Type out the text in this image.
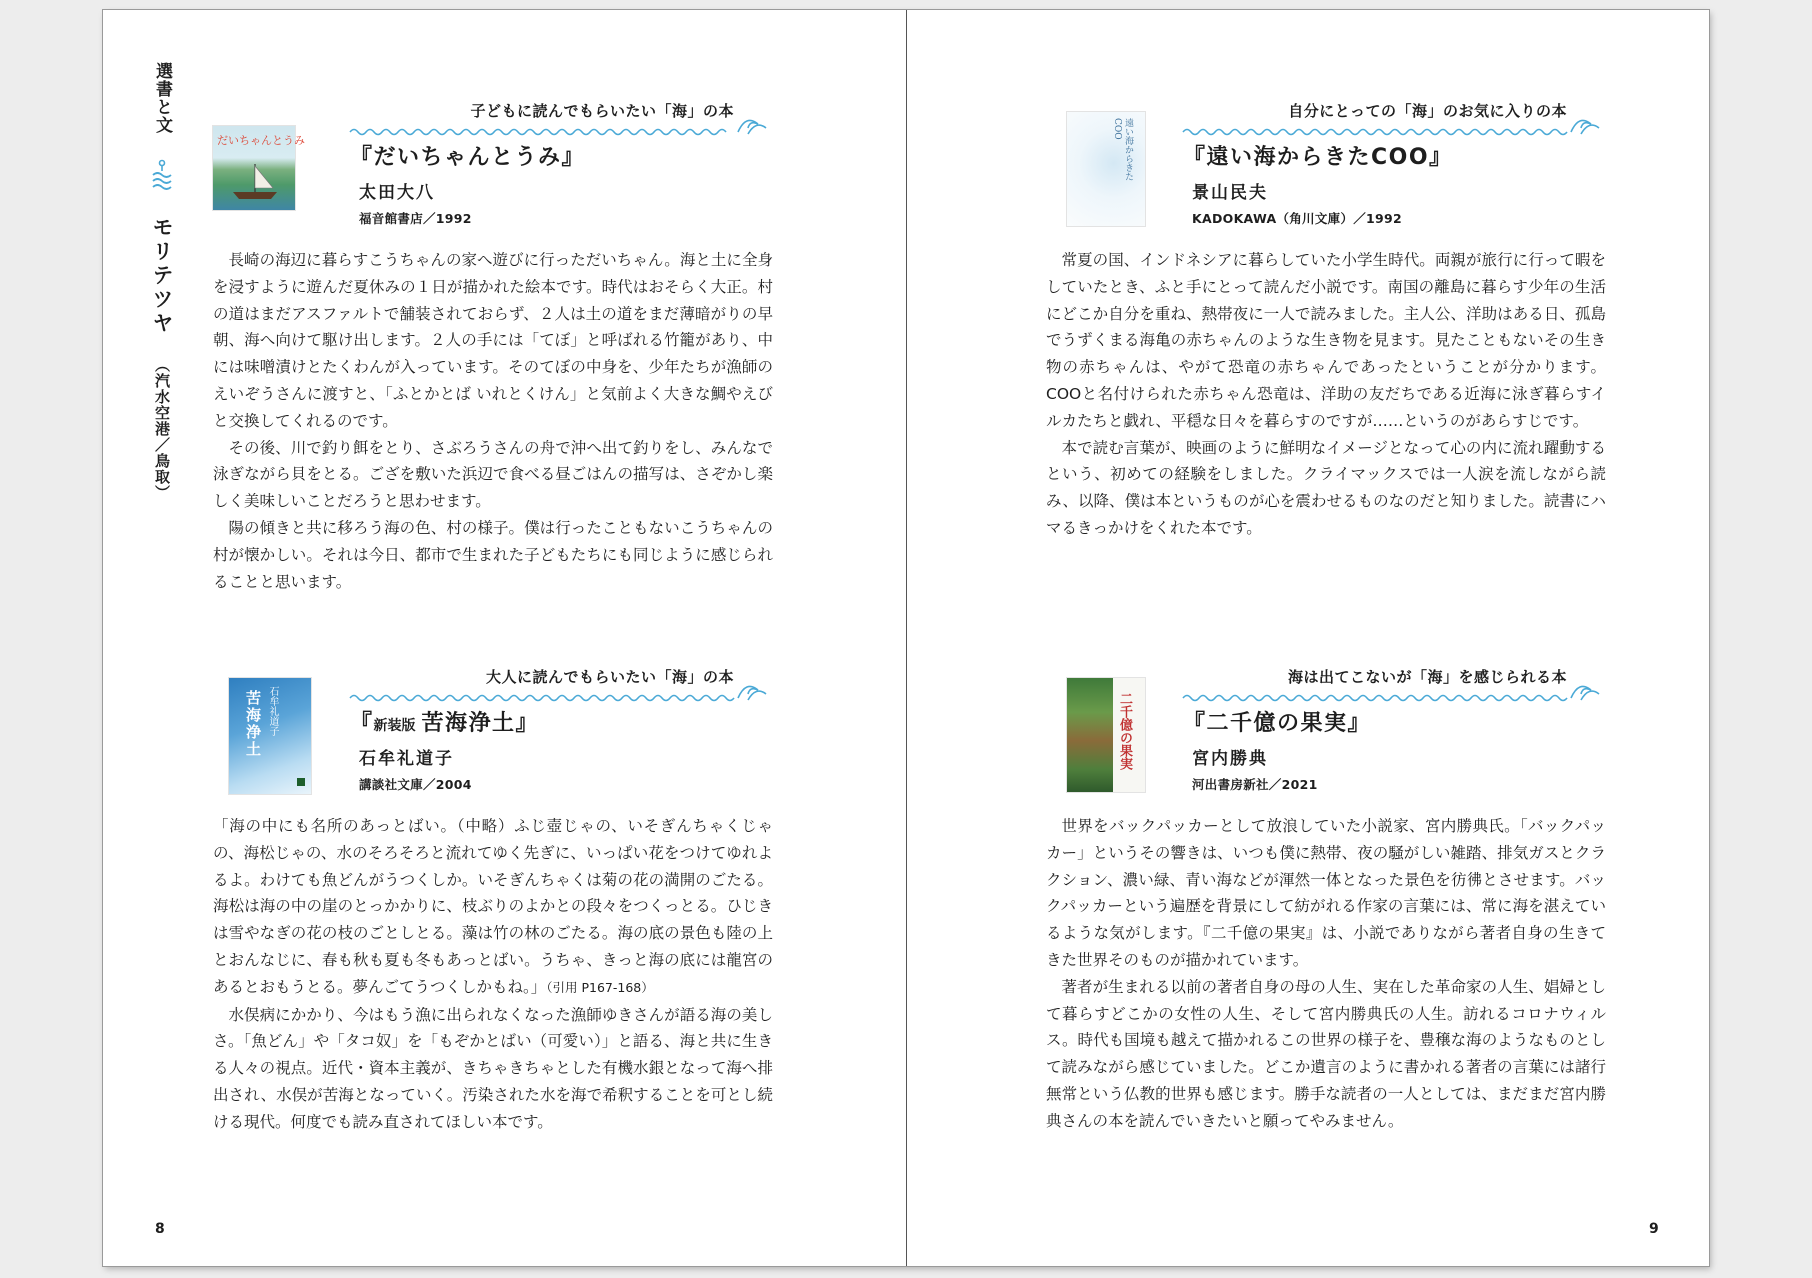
選書と文  モリテツヤ （汽水空港／鳥取）
子どもに読んでもらいたい「海」の本
だいちゃんとうみ
『だいちゃんとうみ』
太田大八
福音館書店／1992

長崎の海辺に暮らすこうちゃんの家へ遊びに行っただいちゃん。海と土に全身を浸すように遊んだ夏休みの１日が描かれた絵本です。時代はおそらく大正。村の道はまだアスファルトで舗装されておらず、２人は土の道をまだ薄暗がりの早朝、海へ向けて駆け出します。２人の手には「てぼ」と呼ばれる竹籠があり、中には味噌漬けとたくわんが入っています。そのてぼの中身を、少年たちが漁師のえいぞうさんに渡すと、「ふとかとば いれとくけん」と気前よく大きな鯛やえびと交換してくれるのです。

その後、川で釣り餌をとり、さぶろうさんの舟で沖へ出て釣りをし、みんなで泳ぎながら貝をとる。ござを敷いた浜辺で食べる昼ごはんの描写は、さぞかし楽しく美味しいことだろうと思わせます。

陽の傾きと共に移ろう海の色、村の様子。僕は行ったこともないこうちゃんの村が懐かしい。それは今日、都市で生まれた子どもたちにも同じように感じられることと思います。

大人に読んでもらいたい「海」の本
石牟礼道子
苦海浄土	『新装版 苦海浄土』
石牟礼道子
講談社文庫／2004

「海の中にも名所のあっとばい。（中略）ふじ壺じゃの、いそぎんちゃくじゃの、海松じゃの、水のそろそろと流れてゆく先ぎに、いっぱい花をつけてゆれよるよ。わけても魚どんがうつくしか。いそぎんちゃくは菊の花の満開のごたる。海松は海の中の崖のとっかかりに、枝ぶりのよかとの段々をつくっとる。ひじきは雪やなぎの花の枝のごとしとる。藻は竹の林のごたる。海の底の景色も陸の上とおんなじに、春も秋も夏も冬もあっとばい。うちゃ、きっと海の底には龍宮のあるとおもうとる。夢んごてうつくしかもね。」（引用 P167-168）

水俣病にかかり、今はもう漁に出られなくなった漁師ゆきさんが語る海の美しさ。「魚どん」や「タコ奴」を「もぞかとばい（可愛い）」と語る、海と共に生きる人々の視点。近代・資本主義が、きちゃきちゃとした有機水銀となって海へ排出され、水俣が苦海となっていく。汚染された水を海で希釈することを可とし続ける現代。何度でも読み直されてほしい本です。

自分にとっての「海」のお気に入りの本
遠い海からきたCOO
『遠い海からきたCOO』
景山民夫
KADOKAWA（角川文庫）／1992

常夏の国、インドネシアに暮らしていた小学生時代。両親が旅行に行って暇をしていたとき、ふと手にとって読んだ小説です。南国の離島に暮らす少年の生活にどこか自分を重ね、熱帯夜に一人で読みました。主人公、洋助はある日、孤島でうずくまる海亀の赤ちゃんのような生き物を見ます。見たこともないその生き物の赤ちゃんは、やがて恐竜の赤ちゃんであったということが分かります。COOと名付けられた赤ちゃん恐竜は、洋助の友だちである近海に泳ぎ暮らすイルカたちと戯れ、平穏な日々を暮らすのですが……というのがあらすじです。

本で読む言葉が、映画のように鮮明なイメージとなって心の内に流れ躍動するという、初めての経験をしました。クライマックスでは一人涙を流しながら読み、以降、僕は本というものが心を震わせるものなのだと知りました。読書にハマるきっかけをくれた本です。

海は出てこないが「海」を感じられる本
二千億の果実 『二千億の果実』
宮内勝典
河出書房新社／2021

世界をバックパッカーとして放浪していた小説家、宮内勝典氏。「バックパッカー」というその響きは、いつも僕に熱帯、夜の騒がしい雑踏、排気ガスとクラクション、濃い緑、青い海などが渾然一体となった景色を彷彿とさせます。バックパッカーという遍歴を背景にして紡がれる作家の言葉には、常に海を湛えているような気がします。『二千億の果実』は、小説でありながら著者自身の生きてきた世界そのものが描かれています。

著者が生まれる以前の著者自身の母の人生、実在した革命家の人生、娼婦として暮らすどこかの女性の人生、そして宮内勝典氏の人生。訪れるコロナウィルス。時代も国境も越えて描かれるこの世界の様子を、豊穣な海のようなものとして読みながら感じていました。どこか遺言のように書かれる著者の言葉には諸行無常という仏教的世界も感じます。勝手な読者の一人としては、まだまだ宮内勝典さんの本を読んでいきたいと願ってやみません。

8	9
